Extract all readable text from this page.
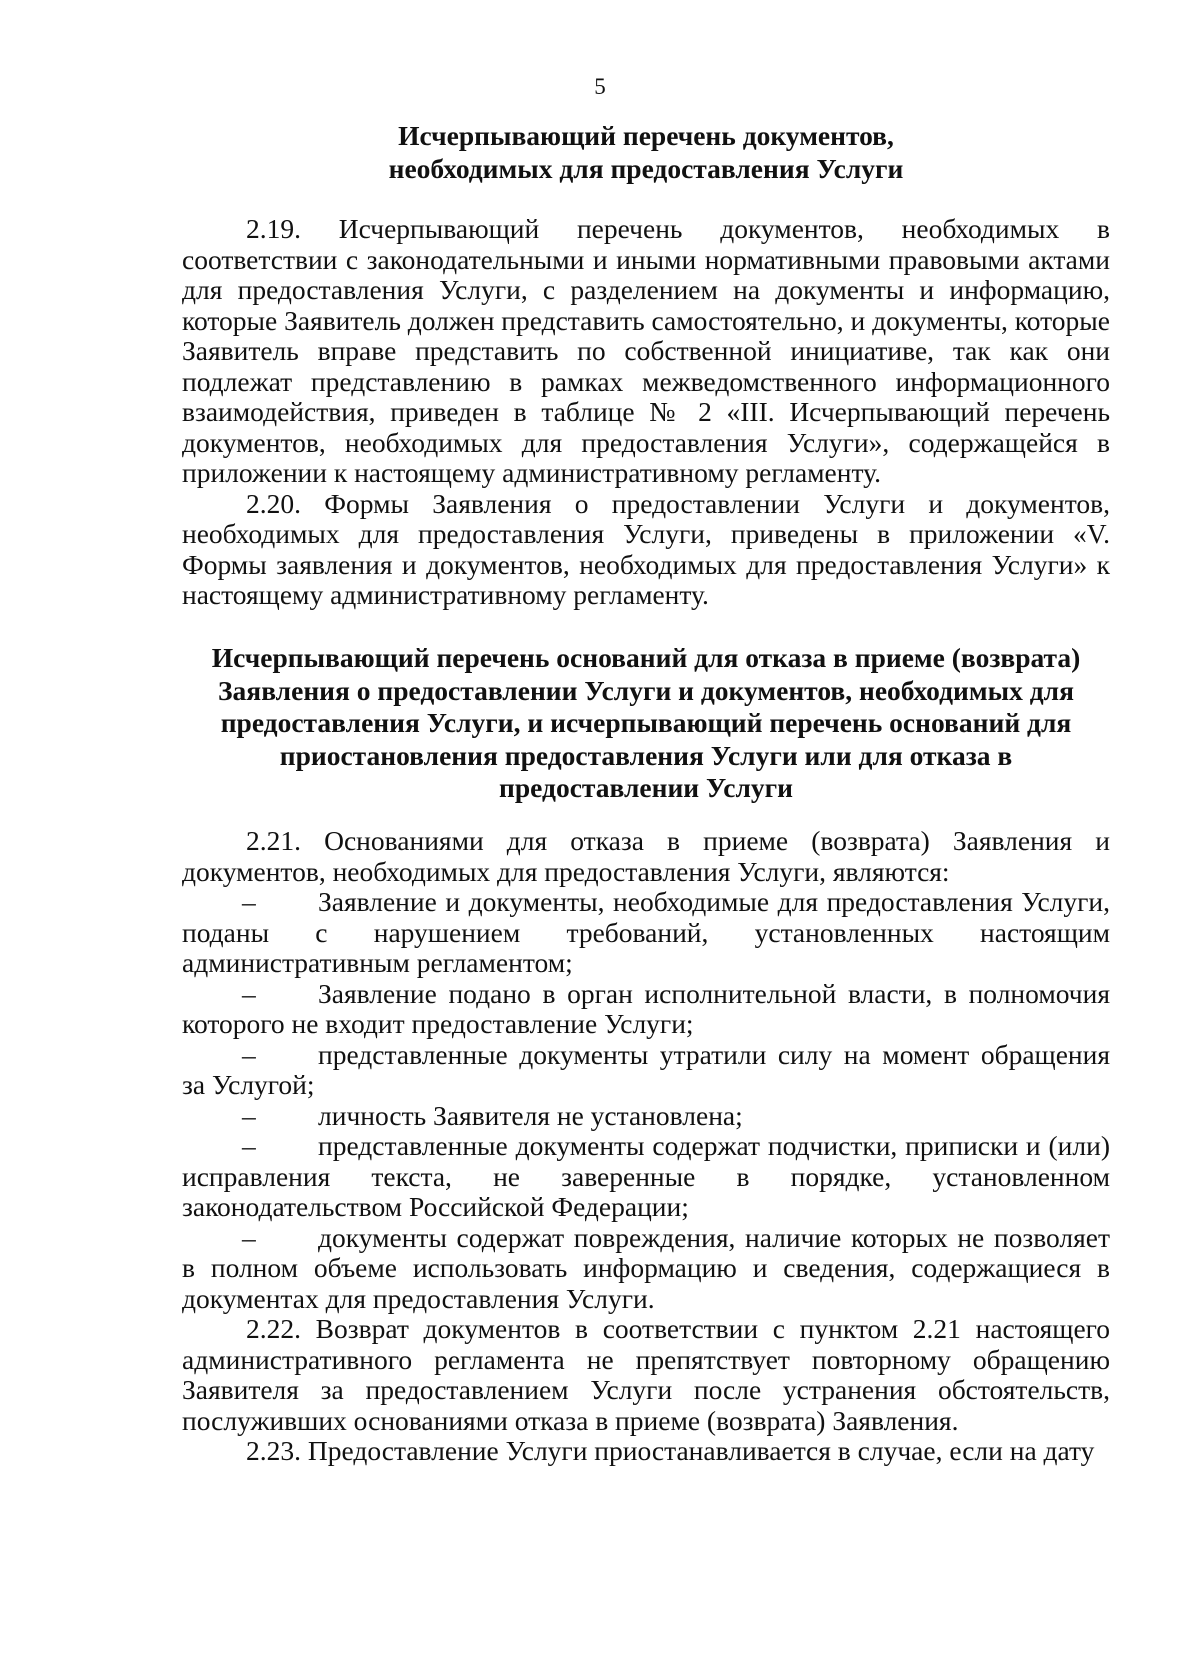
5

Исчерпывающий перечень документов,

необходимых для предоставления Услуги

2.19. Исчерпывающий перечень документов, необходимых в соответствии с законодательными и иными нормативными правовыми актами для предоставления Услуги, с разделением на документы и информацию, которые Заявитель должен представить самостоятельно, и документы, которые Заявитель вправе представить по собственной инициативе, так как они подлежат представлению в рамках межведомственного информационного взаимодействия, приведен в таблице № 2 «III. Исчерпывающий перечень документов, необходимых для предоставления Услуги», содержащейся в приложении к настоящему административному регламенту.

2.20. Формы Заявления о предоставлении Услуги и документов, необходимых для предоставления Услуги, приведены в приложении «V. Формы заявления и документов, необходимых для предоставления Услуги» к настоящему административному регламенту.

Исчерпывающий перечень оснований для отказа в приеме (возврата)

Заявления о предоставлении Услуги и документов, необходимых для

предоставления Услуги, и исчерпывающий перечень оснований для

приостановления предоставления Услуги или для отказа в

предоставлении Услуги

2.21. Основаниями для отказа в приеме (возврата) Заявления и документов, необходимых для предоставления Услуги, являются:

– Заявление и документы, необходимые для предоставления Услуги, поданы с нарушением требований, установленных настоящим административным регламентом;

– Заявление подано в орган исполнительной власти, в полномочия которого не входит предоставление Услуги;

– представленные документы утратили силу на момент обращения за Услугой;

– личность Заявителя не установлена;

– представленные документы содержат подчистки, приписки и (или) исправления текста, не заверенные в порядке, установленном законодательством Российской Федерации;

– документы содержат повреждения, наличие которых не позволяет в полном объеме использовать информацию и сведения, содержащиеся в документах для предоставления Услуги.

2.22. Возврат документов в соответствии с пунктом 2.21 настоящего административного регламента не препятствует повторному обращению Заявителя за предоставлением Услуги после устранения обстоятельств, послуживших основаниями отказа в приеме (возврата) Заявления.

2.23. Предоставление Услуги приостанавливается в случае, если на дату
